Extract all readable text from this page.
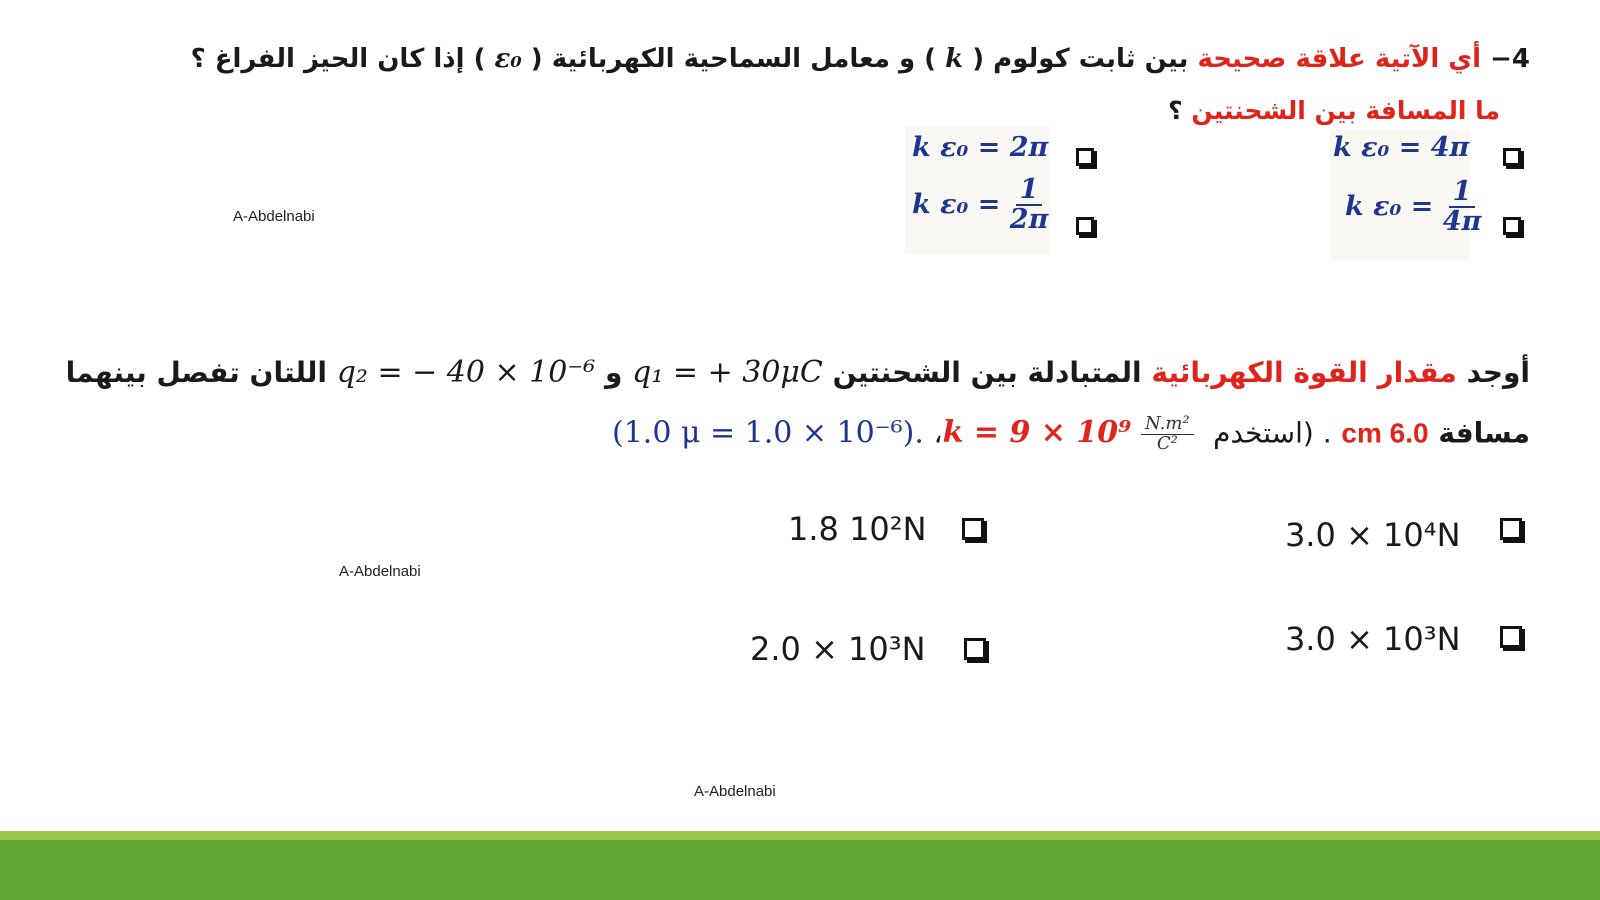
4− أي الآتية علاقة صحيحة بين ثابت كولوم ( k ) و معامل السماحية الكهربائية ( ε₀ ) إذا كان الحيز الفراغ ؟
ما المسافة بين الشحنتين ؟
k ε₀ = 4π
k $\varepsilon_0 = \frac{1}{4\pi}$
k ε₀ = 2π
k $\varepsilon_0 = \frac{1}{2\pi}$
A-Abdelnabi
A-Abdelnabi
A-Abdelnabi
أوجد مقدار القوة الكهربائية المتبادلة بين الشحنتين q₁ = + 30μC و q₂ = − 40 × 10⁻⁶ اللتان تفصل بينهما
مسافة 6.0 cm . (استخدم $k = 9 \times 10^9 \frac{\text{N.m²}}{\text{C²}}$
، (1.0 μ = 1.0 × 10⁻⁶).
3.0 × 10⁴N
1.8 10²N
3.0 × 10³N
2.0 × 10³N
